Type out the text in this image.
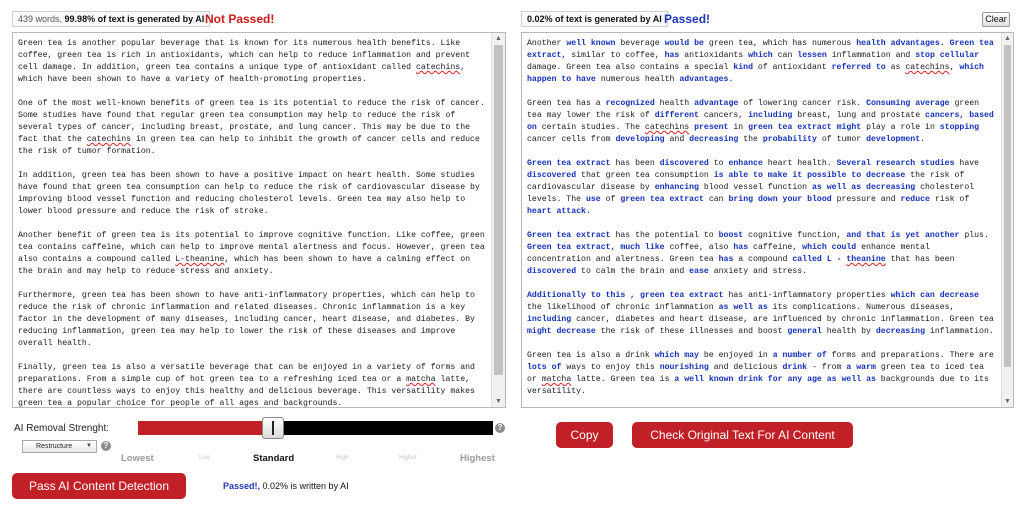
439 words, 99.98% of text is generated by AI Not Passed!	0.02% of text is generated by AI Passed!	Clear

Green tea is another popular beverage that is known for its numerous health benefits. Like coffee, green tea is rich in antioxidants, which can help to reduce inflammation and prevent cell damage. In addition, green tea contains a unique type of antioxidant called catechins, which have been shown to have a variety of health-promoting properties.

One of the most well-known benefits of green tea is its potential to reduce the risk of cancer. Some studies have found that regular green tea consumption may help to reduce the risk of several types of cancer, including breast, prostate, and lung cancer. This may be due to the fact that the catechins in green tea can help to inhibit the growth of cancer cells and reduce the risk of tumor formation.

In addition, green tea has been shown to have a positive impact on heart health. Some studies have found that green tea consumption can help to reduce the risk of cardiovascular disease by improving blood vessel function and reducing cholesterol levels. Green tea may also help to lower blood pressure and reduce the risk of stroke.

Another benefit of green tea is its potential to improve cognitive function. Like coffee, green tea contains caffeine, which can help to improve mental alertness and focus. However, green tea also contains a compound called L-theanine, which has been shown to have a calming effect on the brain and may help to reduce stress and anxiety.

Furthermore, green tea has been shown to have anti-inflammatory properties, which can help to reduce the risk of chronic inflammation and related diseases. Chronic inflammation is a key factor in the development of many diseases, including cancer, heart disease, and diabetes. By reducing inflammation, green tea may help to lower the risk of these diseases and improve overall health.

Finally, green tea is also a versatile beverage that can be enjoyed in a variety of forms and preparations. From a simple cup of hot green tea to a refreshing iced tea or a matcha latte, there are countless ways to enjoy this healthy and delicious beverage. This versatility makes green tea a popular choice for people of all ages and backgrounds.

▲
▼

Another well known beverage would be green tea, which has numerous health advantages. Green tea extract, similar to coffee, has antioxidants which can lessen inflammation and stop cellular damage. Green tea also contains a special kind of antioxidant referred to as catechins, which happen to have numerous health advantages.

Green tea has a recognized health advantage of lowering cancer risk. Consuming average green tea may lower the risk of different cancers, including breast, lung and prostate cancers, based on certain studies. The catechins present in green tea extract might play a role in stopping cancer cells from developing and decreasing the probability of tumor development.

Green tea extract has been discovered to enhance heart health. Several research studies have discovered that green tea consumption is able to make it possible to decrease the risk of cardiovascular disease by enhancing blood vessel function as well as decreasing cholesterol levels. The use of green tea extract can bring down your blood pressure and reduce risk of heart attack.

Green tea extract has the potential to boost cognitive function, and that is yet another plus. Green tea extract, much like coffee, also has caffeine, which could enhance mental concentration and alertness. Green tea has a compound called L - theanine that has been discovered to calm the brain and ease anxiety and stress.

Additionally to this , green tea extract has anti-inflammatory properties which can decrease the likelihood of chronic inflammation as well as its complications. Numerous diseases, including cancer, diabetes and heart disease, are influenced by chronic inflammation. Green tea might decrease the risk of these illnesses and boost general health by decreasing inflammation.

Green tea is also a drink which may be enjoyed in a number of forms and preparations. There are lots of ways to enjoy this nourishing and delicious drink - from a warm green tea to iced tea or matcha latte. Green tea is a well known drink for any age as well as backgrounds due to its versatility.

▲
▼
AI Removal Strenght:
Restructure ▼	?
?
Lowest	Low	Standard	High	Higher	Highest
Pass AI Content Detection
Copy	Check Original Text For AI Content
Passed!, 0.02% is written by AI
